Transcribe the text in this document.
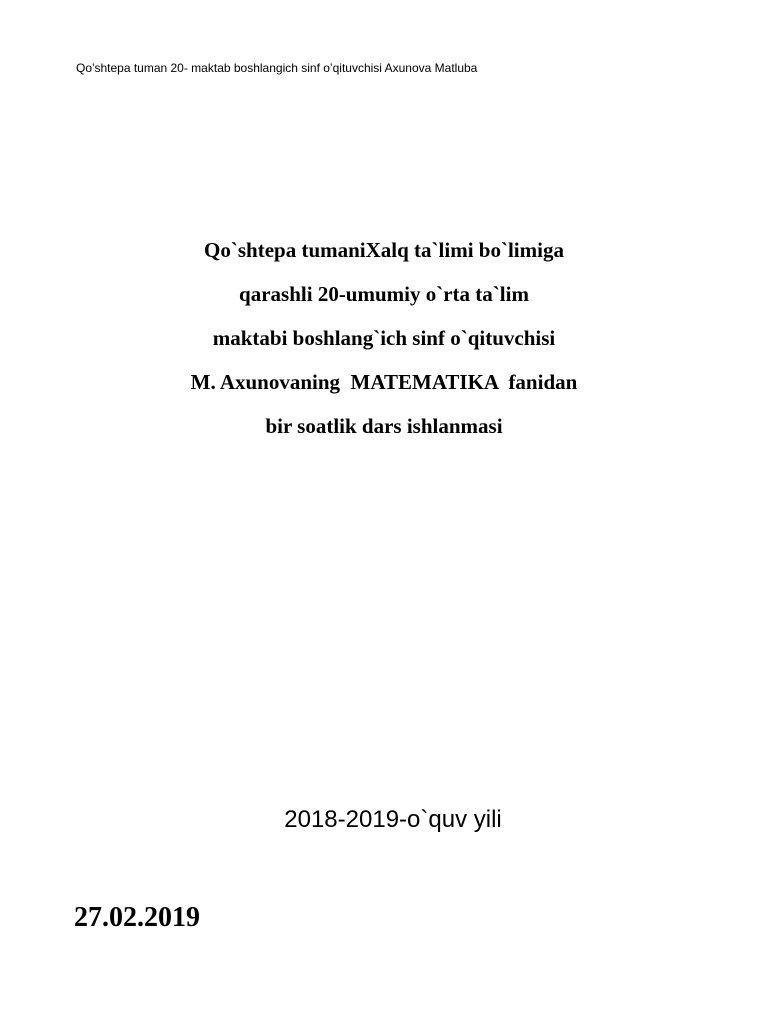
Qo’shtepa tuman 20- maktab boshlangich sinf o’qituvchisi Axunova Matluba
Qo`shtepa tumaniXalq ta`limi bo`limiga
qarashli 20-umumiy o`rta ta`lim
maktabi boshlang`ich sinf o`qituvchisi
M. Axunovaning  MATEMATIKA  fanidan
bir soatlik dars ishlanmasi
2018-2019-o`quv yili
27.02.2019
